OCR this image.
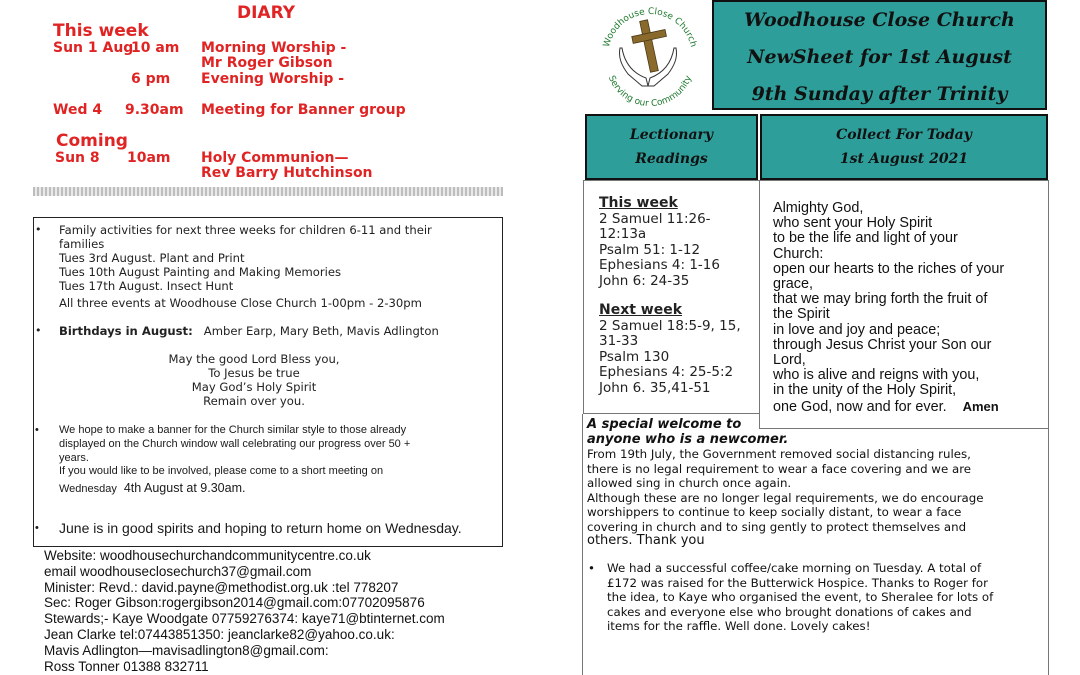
DIARY
This week
Sun 1 Aug
10 am Morning Worship -
Mr Roger Gibson
6 pm Evening Worship -
Wed 4 9.30am Meeting for Banner group
Coming
Sun 8 10am Holy Communion—
Rev Barry Hutchinson
• Family activities for next three weeks for children 6-11 and their
families
Tues 3rd August. Plant and Print
Tues 10th August Painting and Making Memories
Tues 17th August. Insect Hunt
All three events at Woodhouse Close Church 1-00pm - 2-30pm
• Birthdays in August: Amber Earp, Mary Beth, Mavis Adlington
May the good Lord Bless you,
To Jesus be true
May God’s Holy Spirit
Remain over you.
• We hope to make a banner for the Church similar style to those already
displayed on the Church window wall celebrating our progress over 50 +
years.
If you would like to be involved, please come to a short meeting on
Wednesday 4th August at 9.30am.
• June is in good spirits and hoping to return home on Wednesday.
Website: woodhousechurchandcommunitycentre.co.uk
email woodhouseclosechurch37@gmail.com
Minister: Revd.: david.payne@methodist.org.uk :tel 778207
Sec: Roger Gibson:rogergibson2014@gmail.com:07702095876
Stewards;- Kaye Woodgate 07759276374: kaye71@btinternet.com
Jean Clarke tel:07443851350: jeanclarke82@yahoo.co.uk:
Mavis Adlington—mavisadlington8@gmail.com:
Ross Tonner 01388 832711
Woodhouse Close Church
Serving our Community
Woodhouse Close Church
NewSheet for 1st August
9th Sunday after Trinity
Lectionary
Readings
Collect For Today
1st August 2021
This week
2 Samuel 11:26-
12:13a
Psalm 51: 1-12
Ephesians 4: 1-16
John 6: 24-35
Next week
2 Samuel 18:5-9, 15,
31-33
Psalm 130
Ephesians 4: 25-5:2
John 6. 35,41-51
Almighty God,
who sent your Holy Spirit
to be the life and light of your
Church:
open our hearts to the riches of your
grace,
that we may bring forth the fruit of
the Spirit
in love and joy and peace;
through Jesus Christ your Son our
Lord,
who is alive and reigns with you,
in the unity of the Holy Spirit,
one God, now and for ever. Amen
A special welcome to
anyone who is a newcomer.
From 19th July, the Government removed social distancing rules,
there is no legal requirement to wear a face covering and we are
allowed sing in church once again.
Although these are no longer legal requirements, we do encourage
worshippers to continue to keep socially distant, to wear a face
covering in church and to sing gently to protect themselves and
others. Thank you
• We had a successful coffee/cake morning on Tuesday. A total of
£172 was raised for the Butterwick Hospice. Thanks to Roger for
the idea, to Kaye who organised the event, to Sheralee for lots of
cakes and everyone else who brought donations of cakes and
items for the raffle. Well done. Lovely cakes!
